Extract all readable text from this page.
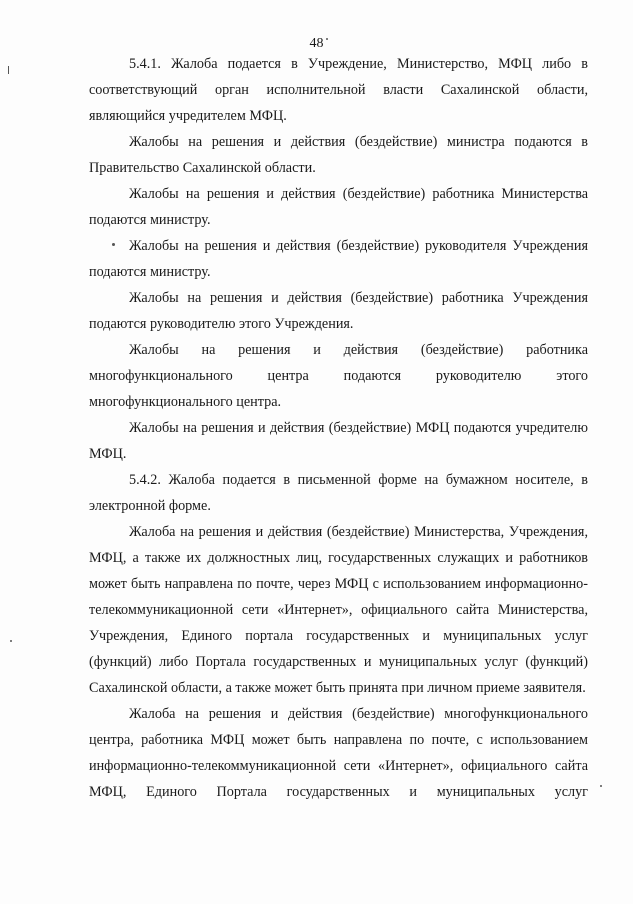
48

5.4.1. Жалоба подается в Учреждение, Министерство, МФЦ либо в соответствующий орган исполнительной власти Сахалинской области, являющийся учредителем МФЦ.

Жалобы на решения и действия (бездействие) министра подаются в Правительство Сахалинской области.

Жалобы на решения и действия (бездействие) работника Министерства подаются министру.

Жалобы на решения и действия (бездействие) руководителя Учреждения подаются министру.

Жалобы на решения и действия (бездействие) работника Учреждения подаются руководителю этого Учреждения.

Жалобы на решения и действия (бездействие) работника многофункционального центра подаются руководителю этого многофункционального центра.

Жалобы на решения и действия (бездействие) МФЦ подаются учредителю МФЦ.

5.4.2. Жалоба подается в письменной форме на бумажном носителе, в электронной форме.

Жалоба на решения и действия (бездействие) Министерства, Учреждения, МФЦ, а также их должностных лиц, государственных служащих и работников может быть направлена по почте, через МФЦ с использованием информационно-телекоммуникационной сети «Интернет», официального сайта Министерства, Учреждения, Единого портала государственных и муниципальных услуг (функций) либо Портала государственных и муниципальных услуг (функций) Сахалинской области, а также может быть принята при личном приеме заявителя.

Жалоба на решения и действия (бездействие) многофункционального центра, работника МФЦ может быть направлена по почте, с использованием информационно-телекоммуникационной сети «Интернет», официального сайта МФЦ, Единого Портала государственных и муниципальных услуг
